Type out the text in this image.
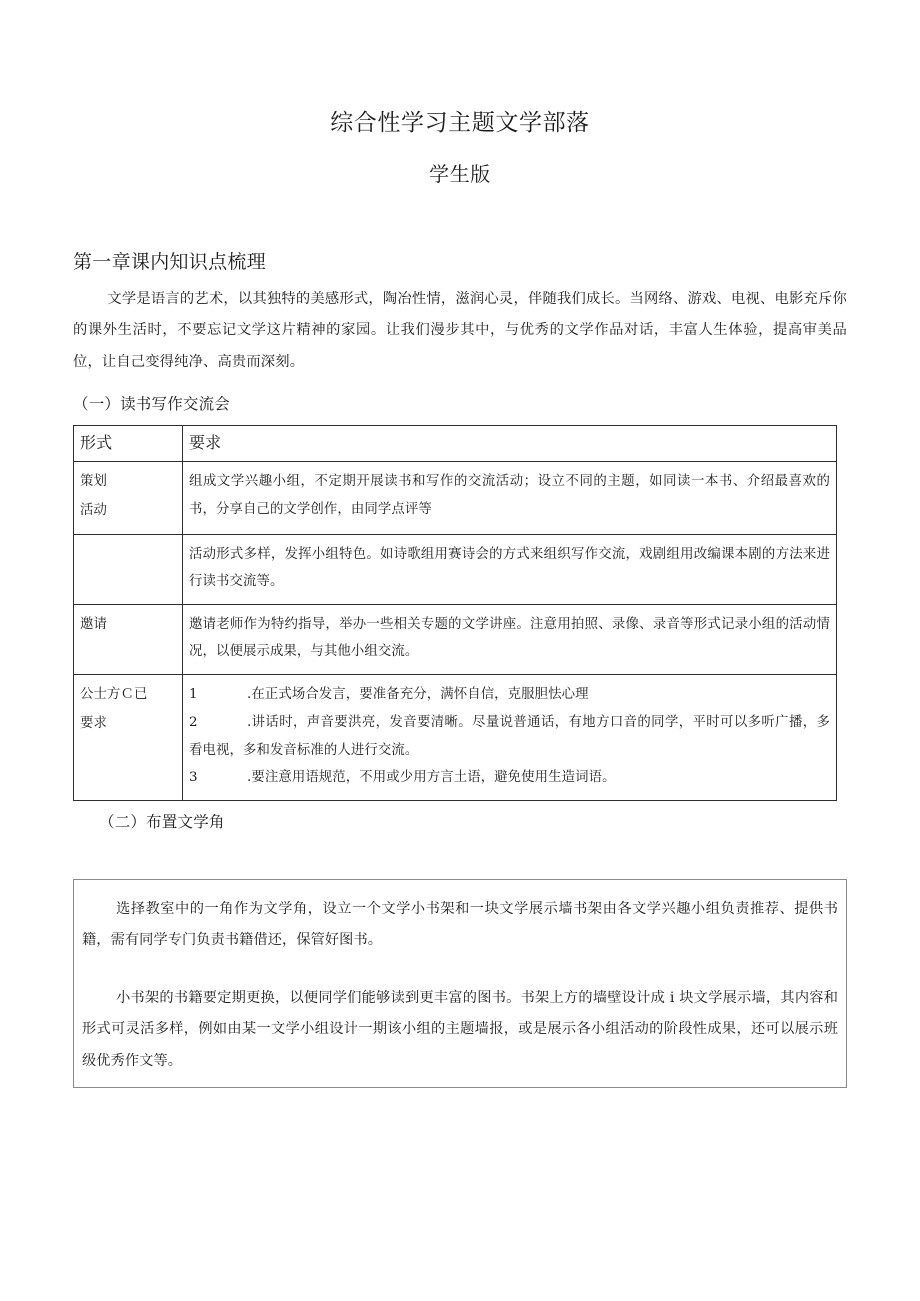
综合性学习主题文学部落
学生版
第一章课内知识点梳理

文学是语言的艺术，以其独特的美感形式，陶冶性情，滋润心灵，伴随我们成长。当网络、游戏、电视、电影充斥你的课外生活时，不要忘记文学这片精神的家园。让我们漫步其中，与优秀的文学作品对话，丰富人生体验，提高审美品位，让自己变得纯净、高贵而深刻。

（一）读书写作交流会
形式	要求

策划

活动	组成文学兴趣小组，不定期开展读书和写作的交流活动；设立不同的主题，如同读一本书、介绍最喜欢的书，分享自己的文学创作，由同学点评等

	活动形式多样，发挥小组特色。如诗歌组用赛诗会的方式来组织写作交流，戏剧组用改编课本剧的方法来进行读书交流等。

邀请	邀请老师作为特约指导，举办一些相关专题的文学讲座。注意用拍照、录像、录音等形式记录小组的活动情况，以便展示成果，与其他小组交流。

公士方Ｃ已

要求

1	.在正式场合发言，要准备充分，满怀自信，克服胆怯心理
2	.讲话时，声音要洪亮，发音要清晰。尽量说普通话，有地方口音的同学，平时可以多听广播，多看电视，多和发音标准的人进行交流。
3	.要注意用语规范，不用或少用方言土语，避免使用生造词语。
（二）布置文学角

选择教室中的一角作为文学角，设立一个文学小书架和一块文学展示墙书架由各文学兴趣小组负责推荐、提供书籍，需有同学专门负责书籍借还，保管好图书。

小书架的书籍要定期更换，以便同学们能够读到更丰富的图书。书架上方的墙壁设计成 i 块文学展示墙，其内容和形式可灵活多样，例如由某一文学小组设计一期该小组的主题墙报，或是展示各小组活动的阶段性成果，还可以展示班级优秀作文等。
